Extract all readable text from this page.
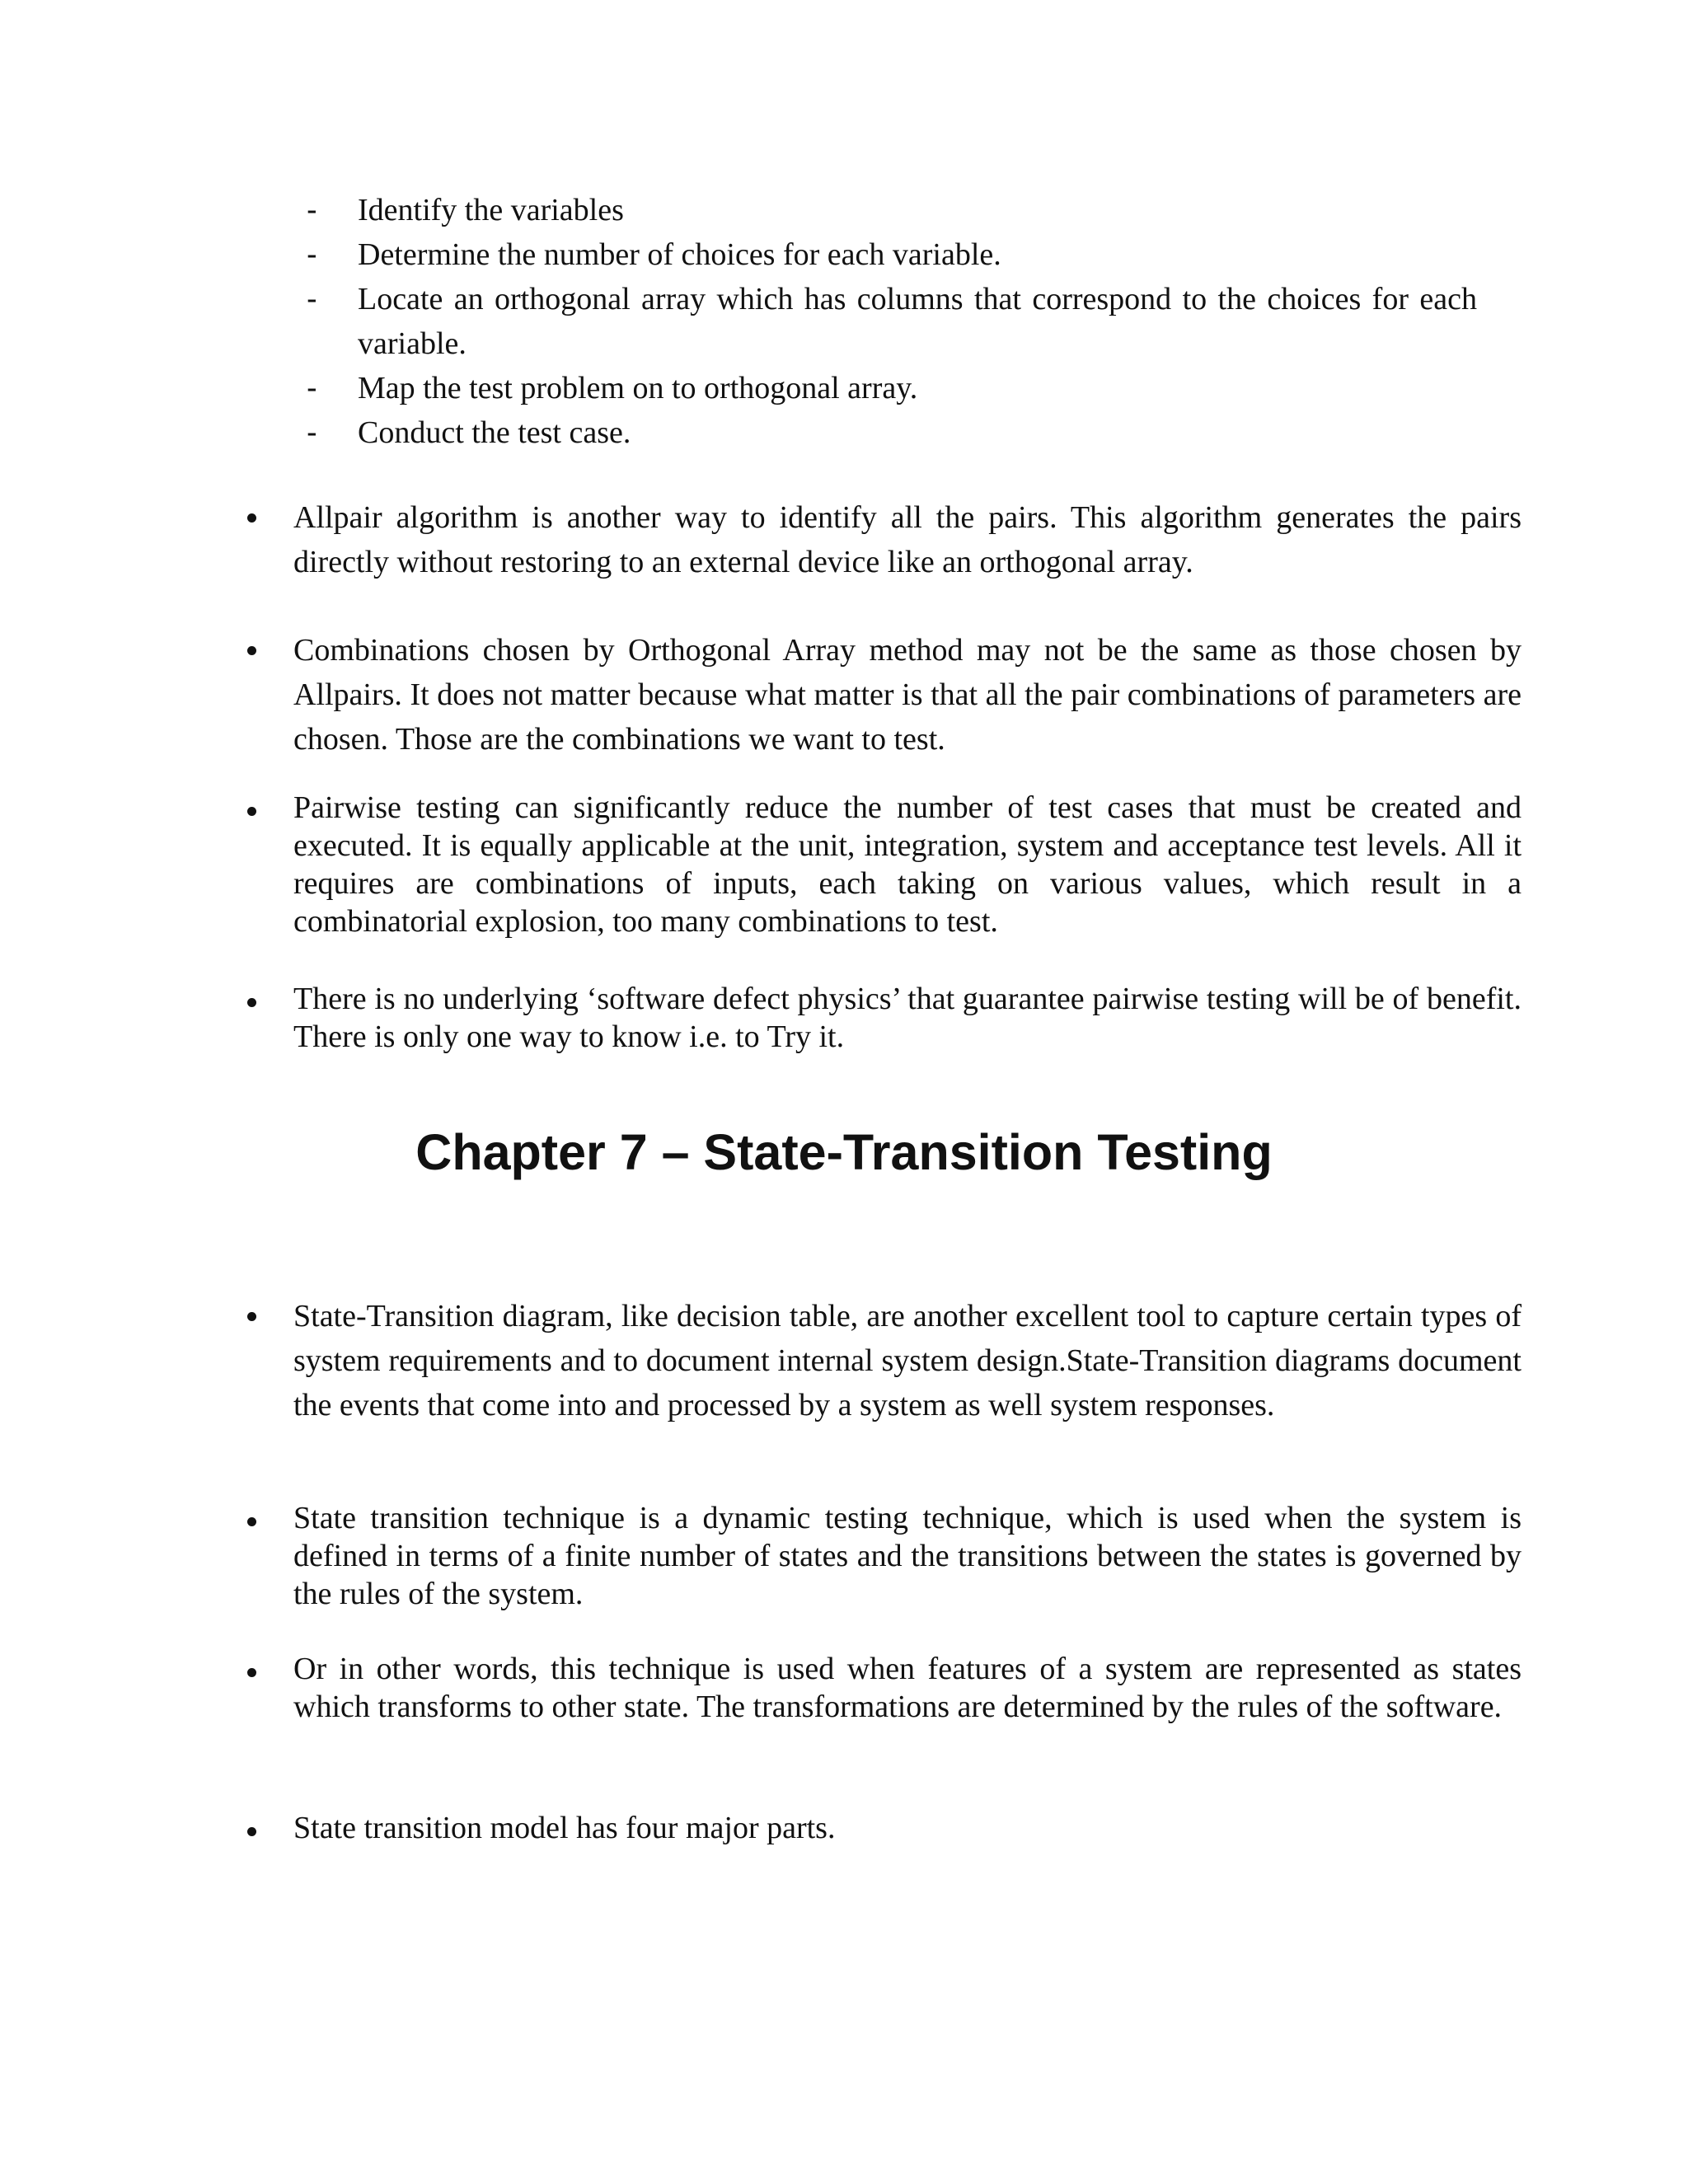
-	Identify the variables
-	Determine the number of choices for each variable.
-	Locate an orthogonal array which has columns that correspond to the choices for each variable.
-	Map the test problem on to orthogonal array.
-	Conduct the test case.
Allpair algorithm is another way to identify all the pairs. This algorithm generates the pairs directly without restoring to an external device like an orthogonal array.
Combinations chosen by Orthogonal Array method may not be the same as those chosen by Allpairs. It does not matter because what matter is that all the pair combinations of parameters are chosen. Those are the combinations we want to test.
Pairwise testing can significantly reduce the number of test cases that must be created and executed. It is equally applicable at the unit, integration, system and acceptance test levels. All it requires are combinations of inputs, each taking on various values, which result in a combinatorial explosion, too many combinations to test.
There is no underlying ‘software defect physics’ that guarantee pairwise testing will be of benefit. There is only one way to know i.e. to Try it.
Chapter 7 – State-Transition Testing
State-Transition diagram, like decision table, are another excellent tool to capture certain types of system requirements and to document internal system design.State-Transition diagrams document the events that come into and processed by a system as well system responses.
State transition technique is a dynamic testing technique, which is used when the system is defined in terms of a finite number of states and the transitions between the states is governed by the rules of the system.
Or in other words, this technique is used when features of a system are represented as states which transforms to other state. The transformations are determined by the rules of the software.
State transition model has four major parts.
